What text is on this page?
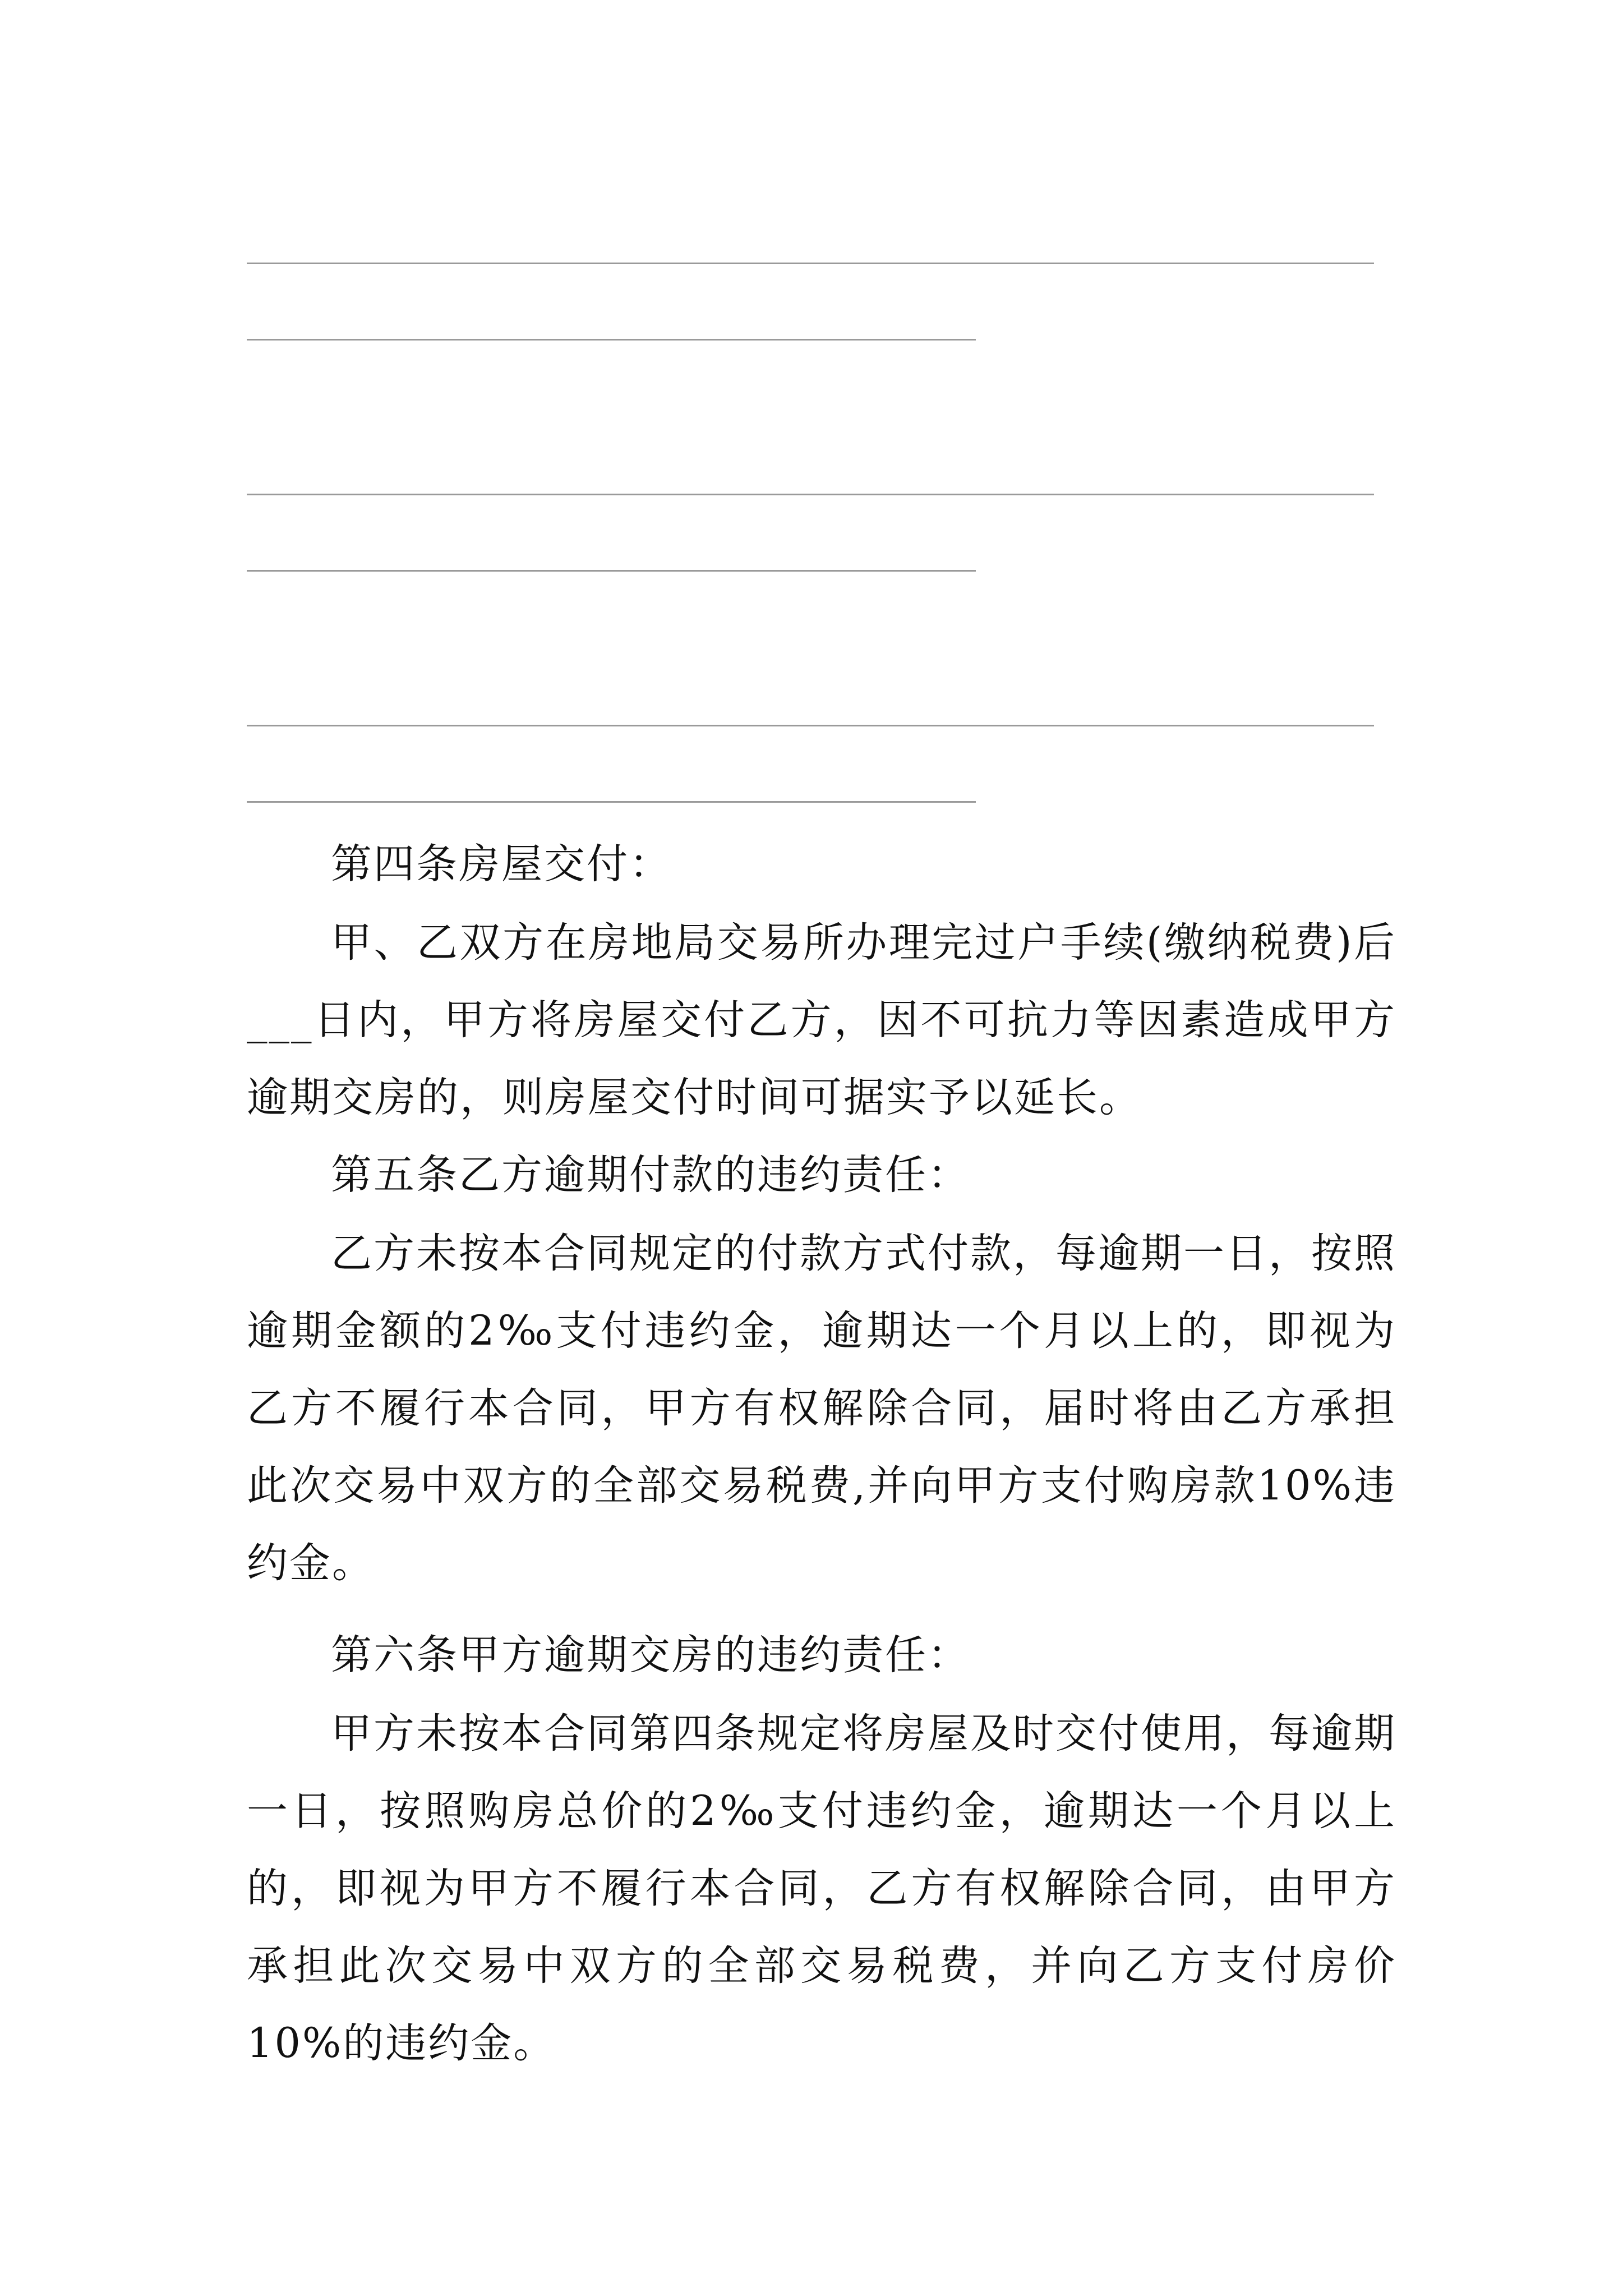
第四条房屋交付：

甲、乙双方在房地局交易所办理完过户手续(缴纳税费)后___日内，甲方将房屋交付乙方，因不可抗力等因素造成甲方逾期交房的，则房屋交付时间可据实予以延长。

第五条乙方逾期付款的违约责任：

乙方未按本合同规定的付款方式付款，每逾期一日，按照逾期金额的2‰支付违约金，逾期达一个月以上的，即视为乙方不履行本合同，甲方有权解除合同，届时将由乙方承担此次交易中双方的全部交易税费,并向甲方支付购房款10%违约金。

第六条甲方逾期交房的违约责任：

甲方未按本合同第四条规定将房屋及时交付使用，每逾期一日，按照购房总价的2‰支付违约金，逾期达一个月以上的，即视为甲方不履行本合同，乙方有权解除合同，由甲方承担此次交易中双方的全部交易税费，并向乙方支付房价10%的违约金。
